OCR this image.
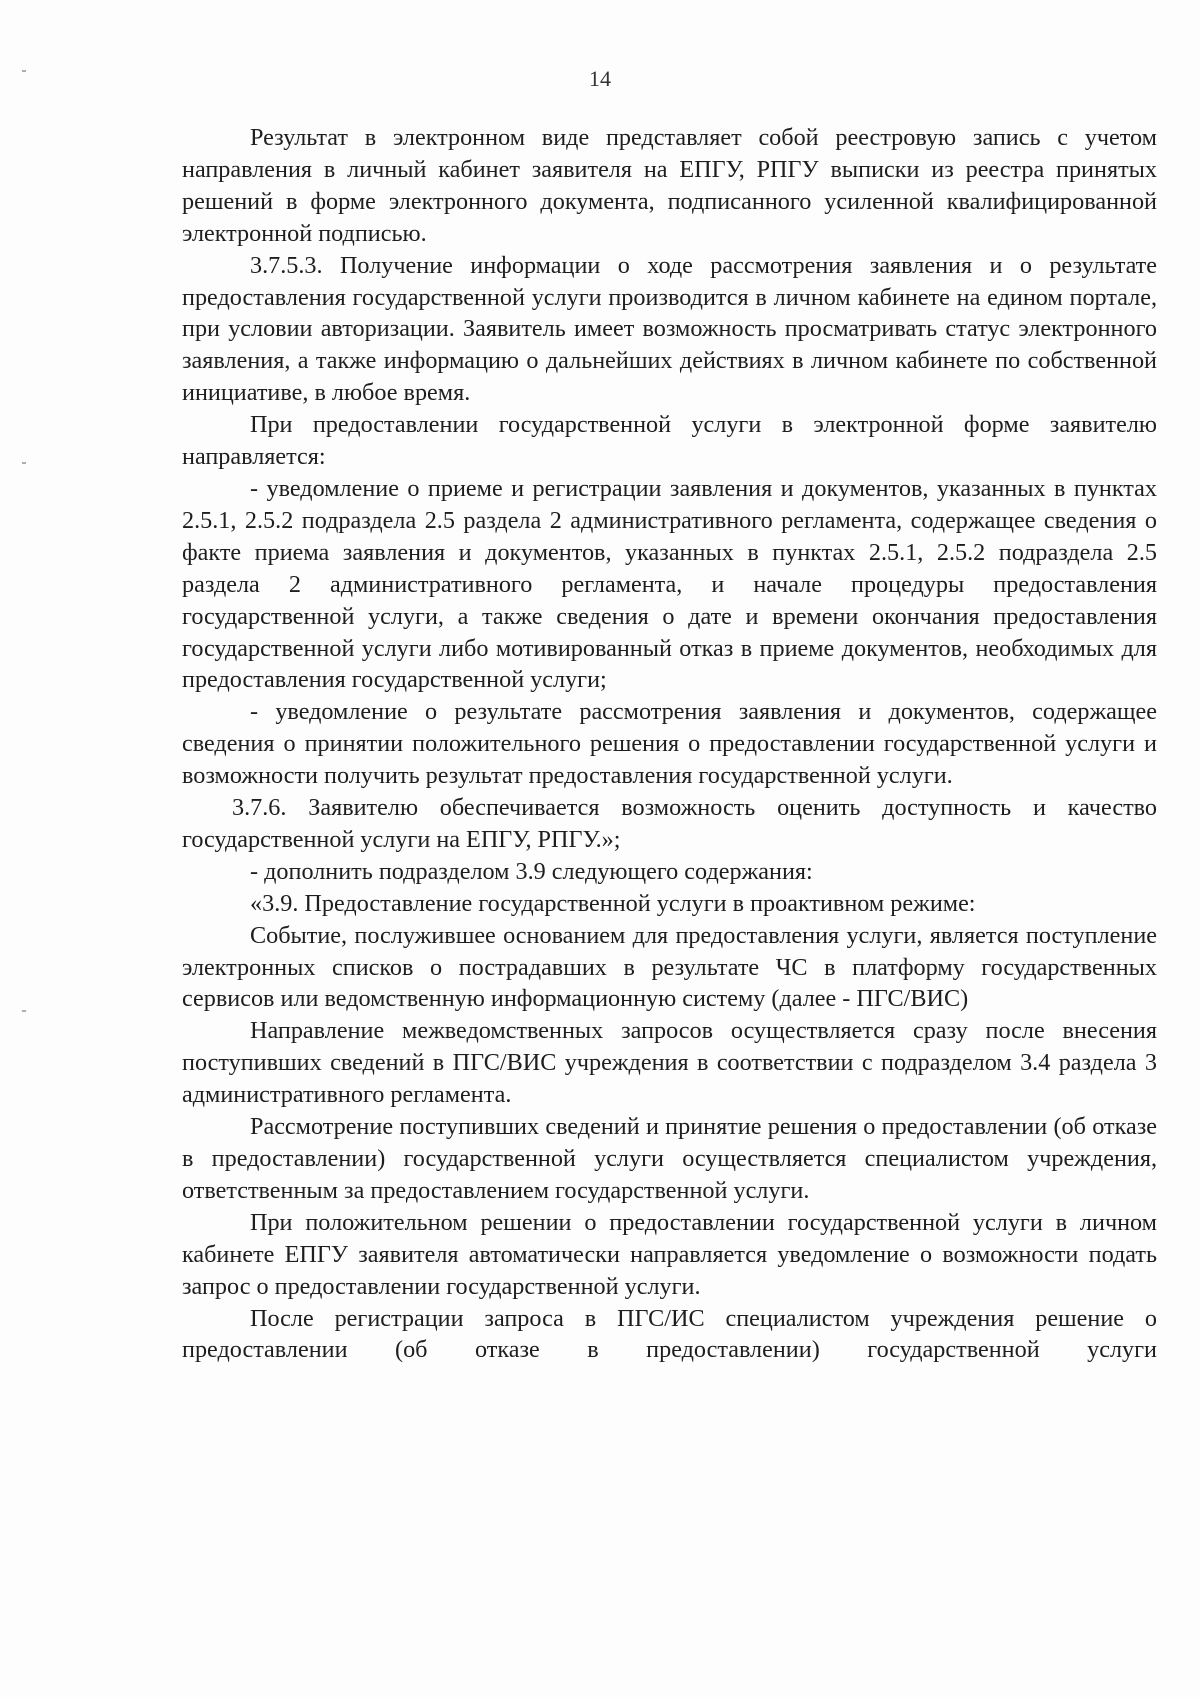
14

Результат в электронном виде представляет собой реестровую запись с учетом направления в личный кабинет заявителя на ЕПГУ, РПГУ выписки из реестра принятых решений в форме электронного документа, подписанного усиленной квалифицированной электронной подписью.

3.7.5.3. Получение информации о ходе рассмотрения заявления и о результате предоставления государственной услуги производится в личном кабинете на едином портале, при условии авторизации. Заявитель имеет возможность просматривать статус электронного заявления, а также информацию о дальнейших действиях в личном кабинете по собственной инициативе, в любое время.

При предоставлении государственной услуги в электронной форме заявителю направляется:

- уведомление о приеме и регистрации заявления и документов, указанных в пунктах 2.5.1, 2.5.2 подраздела 2.5 раздела 2 административного регламента, содержащее сведения о факте приема заявления и документов, указанных в пунктах 2.5.1, 2.5.2 подраздела 2.5 раздела 2 административного регламента, и начале процедуры предоставления государственной услуги, а также сведения о дате и времени окончания предоставления государственной услуги либо мотивированный отказ в приеме документов, необходимых для предоставления государственной услуги;

- уведомление о результате рассмотрения заявления и документов, содержащее сведения о принятии положительного решения о предоставлении государственной услуги и возможности получить результат предоставления государственной услуги.

3.7.6. Заявителю обеспечивается возможность оценить доступность и качество государственной услуги на ЕПГУ, РПГУ.»;

- дополнить подразделом 3.9 следующего содержания:

«3.9. Предоставление государственной услуги в проактивном режиме:

Событие, послужившее основанием для предоставления услуги, является поступление электронных списков о пострадавших в результате ЧС в платформу государственных сервисов или ведомственную информационную систему (далее - ПГС/ВИС)

Направление межведомственных запросов осуществляется сразу после внесения поступивших сведений в ПГС/ВИС учреждения в соответствии с подразделом 3.4 раздела 3 административного регламента.

Рассмотрение поступивших сведений и принятие решения о предоставлении (об отказе в предоставлении) государственной услуги осуществляется специалистом учреждения, ответственным за предоставлением государственной услуги.

При положительном решении о предоставлении государственной услуги в личном кабинете ЕПГУ заявителя автоматически направляется уведомление о возможности подать запрос о предоставлении государственной услуги.

После регистрации запроса в ПГС/ИС специалистом учреждения решение о предоставлении (об отказе в предоставлении) государственной услуги
